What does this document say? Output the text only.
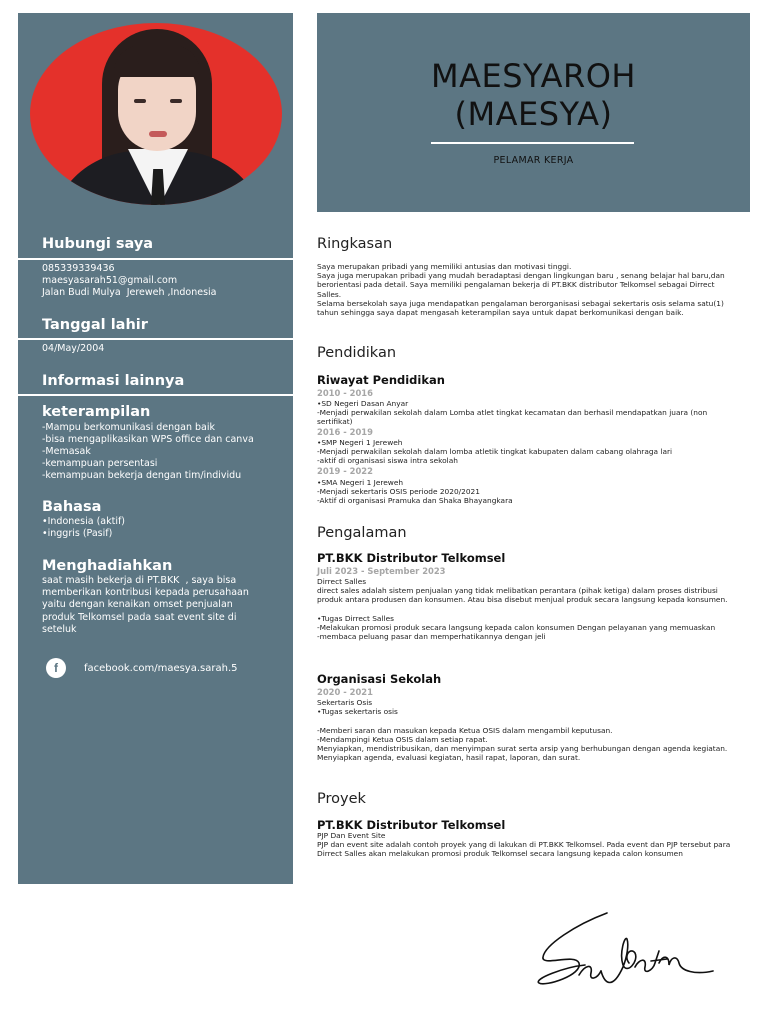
Hubungi saya
085339339436
maesyasarah51@gmail.com
Jalan Budi Mulya  Jereweh ,Indonesia
Tanggal lahir
04/May/2004
Informasi lainnya
keterampilan
-Mampu berkomunikasi dengan baik
-bisa mengaplikasikan WPS office dan canva
-Memasak
-kemampuan persentasi
-kemampuan bekerja dengan tim/individu
Bahasa
•Indonesia (aktif)
•inggris (Pasif)
Menghadiahkan
saat masih bekerja di PT.BKK  , saya bisa
memberikan kontribusi kepada perusahaan
yaitu dengan kenaikan omset penjualan
produk Telkomsel pada saat event site di
seteluk
f	facebook.com/maesya.sarah.5
MAESYAROH
(MAESYA)
PELAMAR KERJA
Ringkasan
Saya merupakan pribadi yang memiliki antusias dan motivasi tinggi.
Saya juga merupakan pribadi yang mudah beradaptasi dengan lingkungan baru , senang belajar hal baru,dan berorientasi pada detail. Saya memiliki pengalaman bekerja di PT.BKK distributor Telkomsel sebagai Dirrect Salles.
Selama bersekolah saya juga mendapatkan pengalaman berorganisasi sebagai sekertaris osis selama satu(1) tahun sehingga saya dapat mengasah keterampilan saya untuk dapat berkomunikasi dengan baik.
Pendidikan
Riwayat Pendidikan
2010 - 2016
•SD Negeri Dasan Anyar
-Menjadi perwakilan sekolah dalam Lomba atlet tingkat kecamatan dan berhasil mendapatkan juara (non sertifikat)
2016 - 2019
•SMP Negeri 1 Jereweh
-Menjadi perwakilan sekolah dalam lomba atletik tingkat kabupaten dalam cabang olahraga lari
-aktif di organisasi siswa intra sekolah
2019 - 2022
•SMA Negeri 1 Jereweh
-Menjadi sekertaris OSIS periode 2020/2021
-Aktif di organisasi Pramuka dan Shaka Bhayangkara
Pengalaman
PT.BKK Distributor Telkomsel
Juli 2023 - September 2023
Dirrect Salles
direct sales adalah sistem penjualan yang tidak melibatkan perantara (pihak ketiga) dalam proses distribusi produk antara produsen dan konsumen. Atau bisa disebut menjual produk secara langsung kepada konsumen.

•Tugas Dirrect Salles
-Melakukan promosi produk secara langsung kepada calon konsumen Dengan pelayanan yang memuaskan
-membaca peluang pasar dan memperhatikannya dengan jeli
Organisasi Sekolah
2020 - 2021
Sekertaris Osis
•Tugas sekertaris osis

-Memberi saran dan masukan kepada Ketua OSIS dalam mengambil keputusan.
-Mendampingi Ketua OSIS dalam setiap rapat.
Menyiapkan, mendistribusikan, dan menyimpan surat serta arsip yang berhubungan dengan agenda kegiatan.
Menyiapkan agenda, evaluasi kegiatan, hasil rapat, laporan, dan surat.
Proyek
PT.BKK Distributor Telkomsel
PJP Dan Event Site
PJP dan event site adalah contoh proyek yang di lakukan di PT.BKK Telkomsel. Pada event dan PJP tersebut para Dirrect Salles akan melakukan promosi produk Telkomsel secara langsung kepada calon konsumen
